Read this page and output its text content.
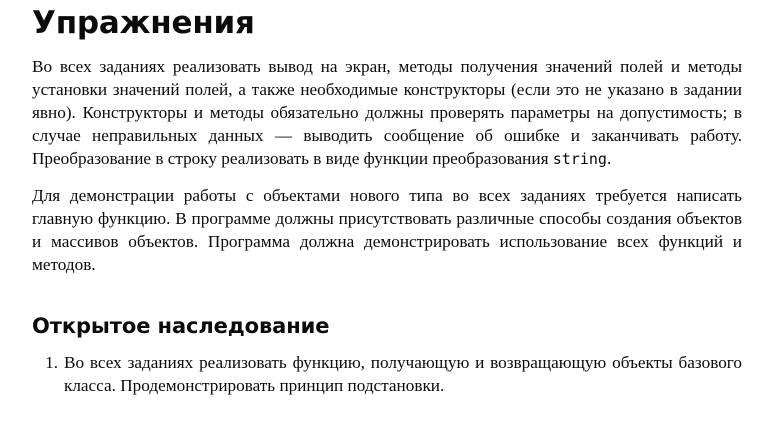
Упражнения

Во всех заданиях реализовать вывод на экран, методы получения значений полей и методы установки значений полей, а также необходимые конструкторы (если это не указано в задании явно). Конструкторы и методы обязательно должны проверять параметры на допустимость; в случае неправильных данных — выводить сообщение об ошибке и заканчивать работу. Преобразование в строку реализовать в виде функции преобразования string.

Для демонстрации работы с объектами нового типа во всех заданиях требуется написать главную функцию. В программе должны присутствовать различные способы создания объектов и массивов объектов. Программа должна демонстрировать использование всех функций и методов.

Открытое наследование
1. Во всех заданиях реализовать функцию, получающую и возвращающую объекты базового класса. Продемонстрировать принцип подстановки.
